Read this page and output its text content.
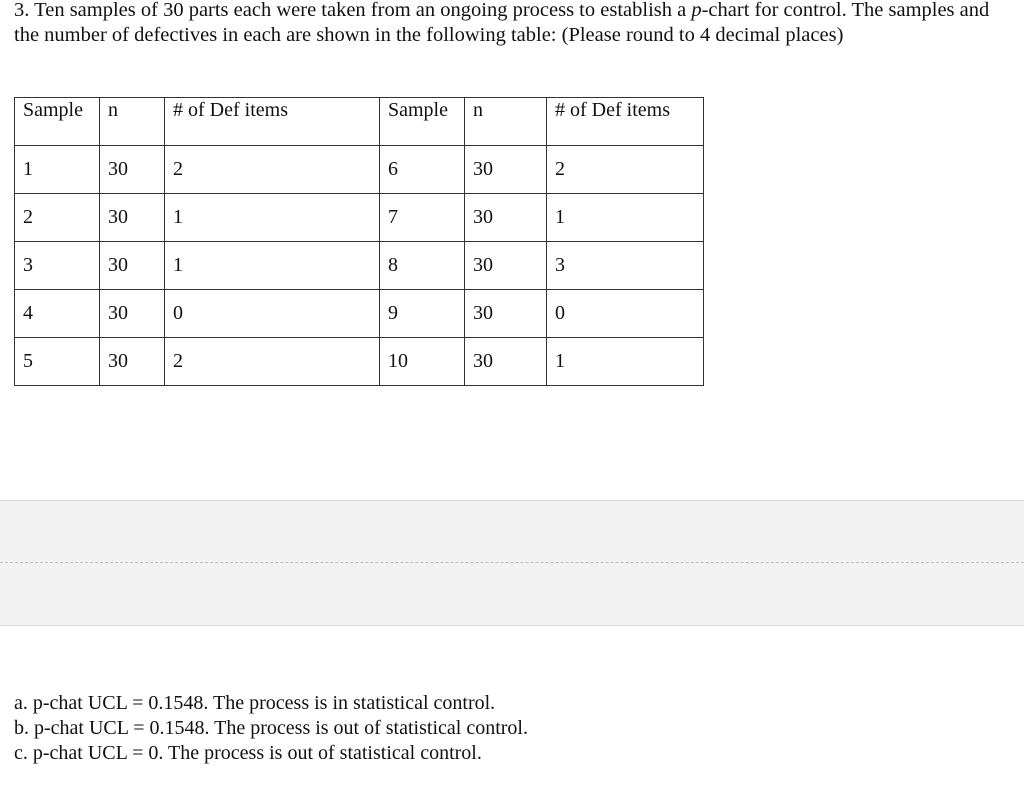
3. Ten samples of 30 parts each were taken from an ongoing process to establish a p-chart for control. The samples and the number of defectives in each are shown in the following table: (Please round to 4 decimal places)

Sample	n	# of Def items	Sample	n	# of Def items
1	30	2	6	30	2
2	30	1	7	30	1
3	30	1	8	30	3
4	30	0	9	30	0
5	30	2	10	30	1
a. p-chat UCL = 0.1548. The process is in statistical control.
b. p-chat UCL = 0.1548. The process is out of statistical control.
c. p-chat UCL = 0. The process is out of statistical control.
